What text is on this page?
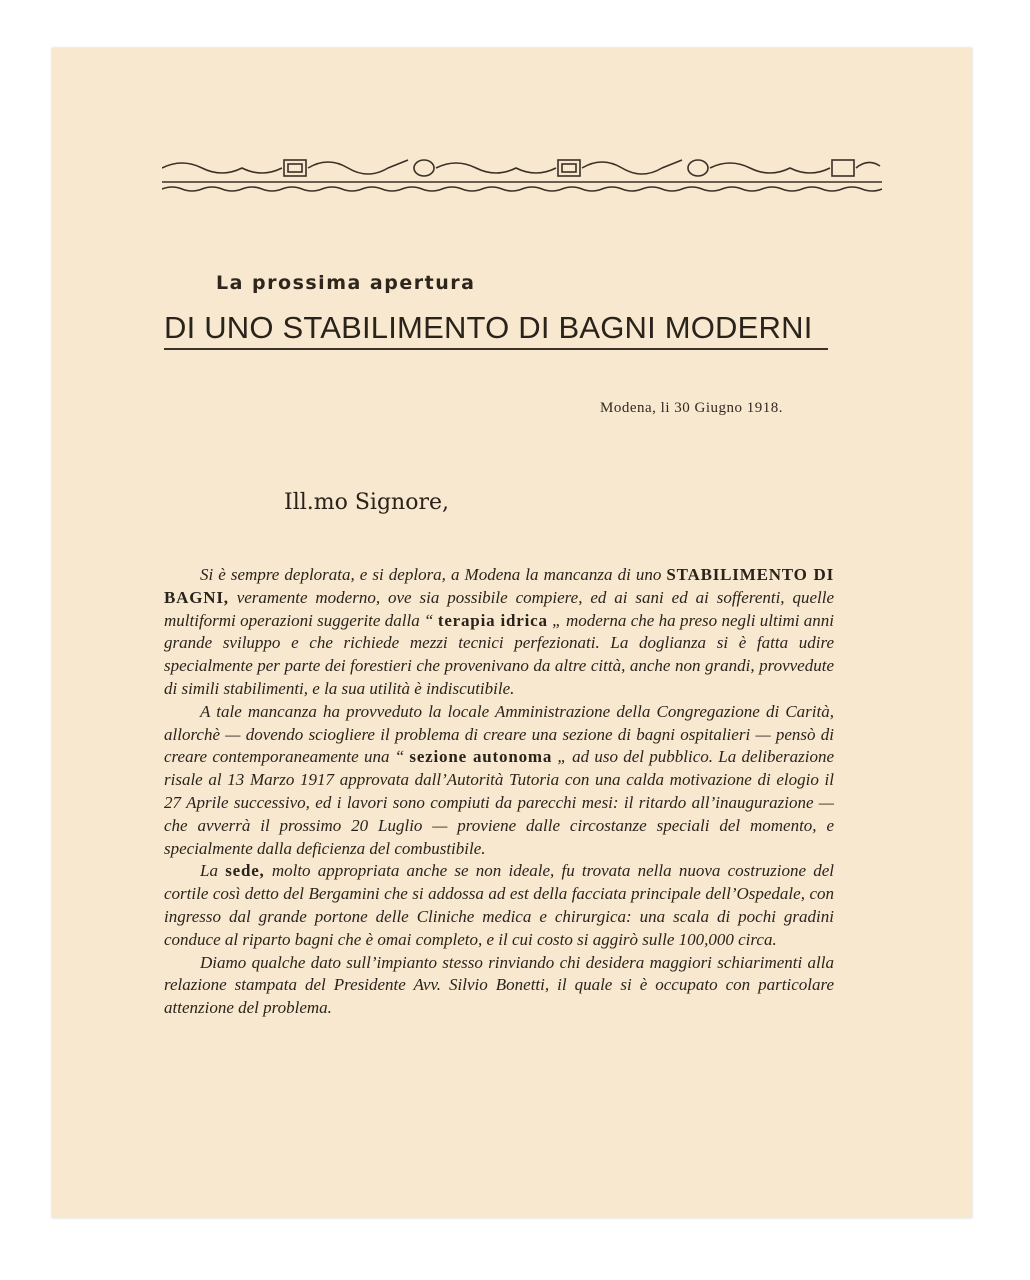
La prossima apertura
DI UNO STABILIMENTO DI BAGNI MODERNI
Modena, li 30 Giugno 1918.
Ill.mo Signore,

Si è sempre deplorata, e si deplora, a Modena la mancanza di uno STABILIMENTO DI BAGNI, veramente moderno, ove sia possibile compiere, ed ai sani ed ai sofferenti, quelle multiformi operazioni suggerite dalla “ terapia idrica „ moderna che ha preso negli ultimi anni grande sviluppo e che richiede mezzi tecnici perfezionati. La doglianza si è fatta udire specialmente per parte dei forestieri che provenivano da altre città, anche non grandi, provvedute di simili stabilimenti, e la sua utilità è indiscutibile.

A tale mancanza ha provveduto la locale Amministrazione della Congregazione di Carità, allorchè — dovendo sciogliere il problema di creare una sezione di bagni ospitalieri — pensò di creare contemporaneamente una “ sezione autonoma „ ad uso del pubblico. La deliberazione risale al 13 Marzo 1917 approvata dall’Autorità Tutoria con una calda motivazione di elogio il 27 Aprile successivo, ed i lavori sono compiuti da parecchi mesi: il ritardo all’inaugurazione — che avverrà il prossimo 20 Luglio — proviene dalle circostanze speciali del momento, e specialmente dalla deficienza del combustibile.

La sede, molto appropriata anche se non ideale, fu trovata nella nuova costruzione del cortile così detto del Bergamini che si addossa ad est della facciata principale dell’Ospedale, con ingresso dal grande portone delle Cliniche medica e chirurgica: una scala di pochi gradini conduce al riparto bagni che è omai completo, e il cui costo si aggirò sulle 100,000 circa.

Diamo qualche dato sull’impianto stesso rinviando chi desidera maggiori schiarimenti alla relazione stampata del Presidente Avv. Silvio Bonetti, il quale si è occupato con particolare attenzione del problema.
